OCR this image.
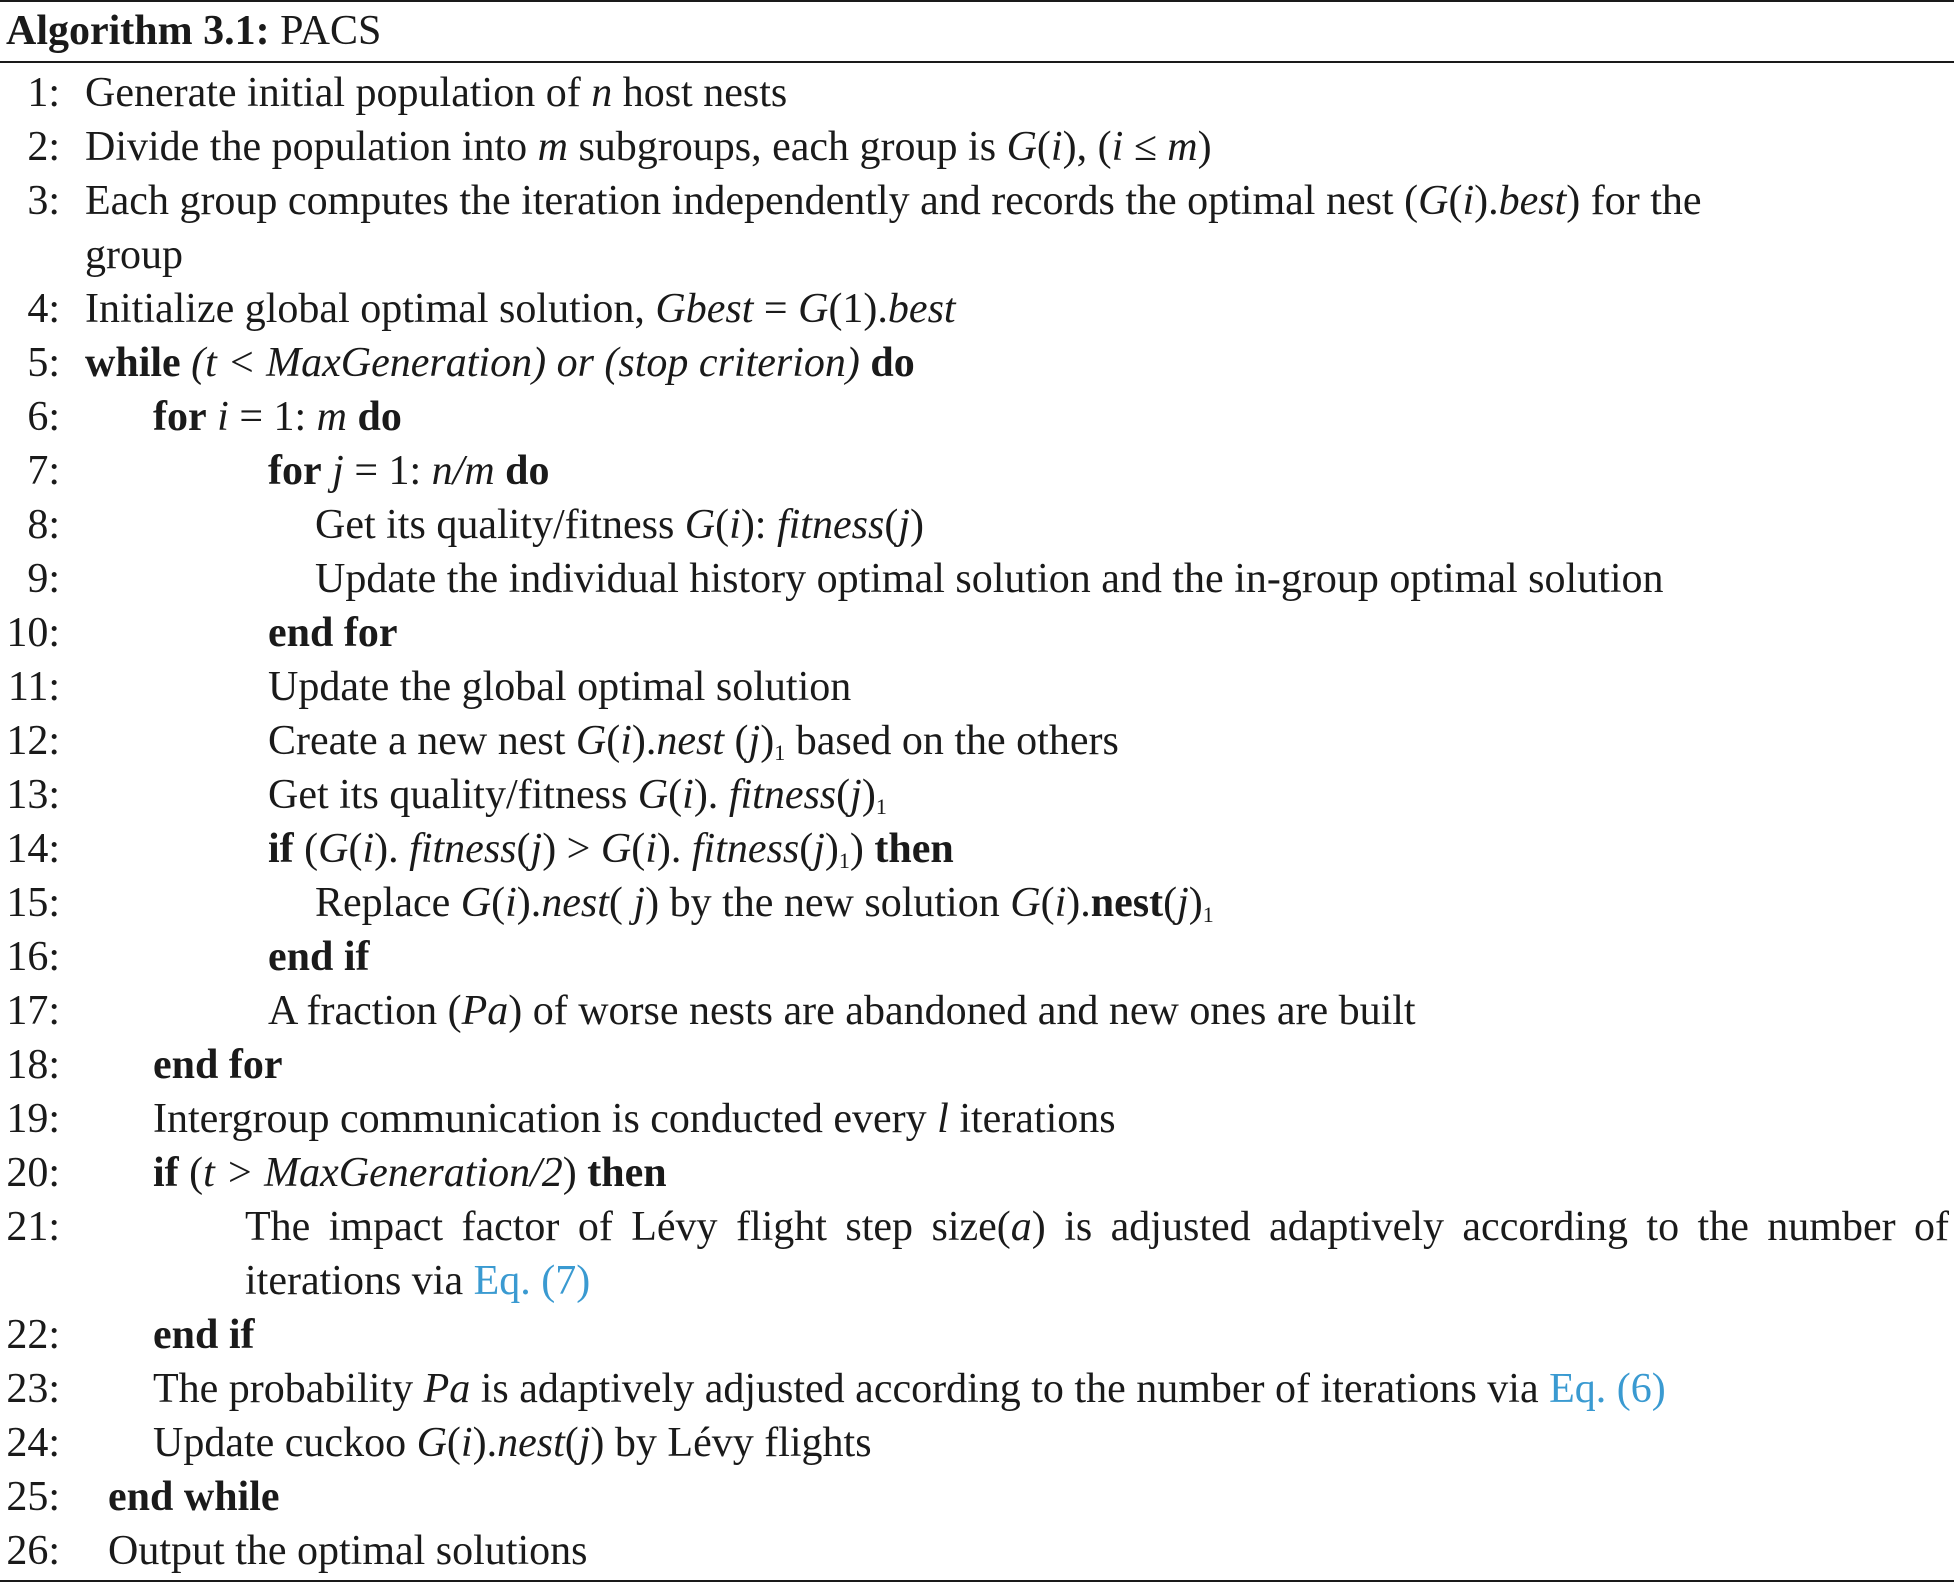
Algorithm 3.1: PACS
1: Generate initial population of n host nests
2: Divide the population into m subgroups, each group is G(i), (i ≤ m)
3: Each group computes the iteration independently and records the optimal nest (G(i).best) for the
group
4: Initialize global optimal solution, Gbest = G(1).best
5: while (t < MaxGeneration) or (stop criterion) do
6: for i = 1: m do
7:	for j = 1: n/m do
8:	Get its quality/fitness G(i): fitness(j)
9:	Update the individual history optimal solution and the in-group optimal solution
10:	end for
11:	Update the global optimal solution
12:	Create a new nest G(i).nest $(j)_1$ based on the others
13:	Get its quality/fitness G(i). $fitness(j)_1$
14:	if (G(i). fitness(j) > G(i). $fitness(j)_1$) then
15:	Replace G(i).nest( j) by the new solution $G(i).nest(j)_1$
16:	end if
17:	A fraction (Pa) of worse nests are abandoned and new ones are built
18: end for
19: Intergroup communication is conducted every l iterations
20: if (t > MaxGeneration/2) then
21:	The impact factor of Lévy flight step size(a) is adjusted adaptively according to the number of iterations via Eq. (7)
22: end if
23: The probability Pa is adaptively adjusted according to the number of iterations via Eq. (6)
24: Update cuckoo G(i).nest(j) by Lévy flights
25: end while
26: Output the optimal solutions
